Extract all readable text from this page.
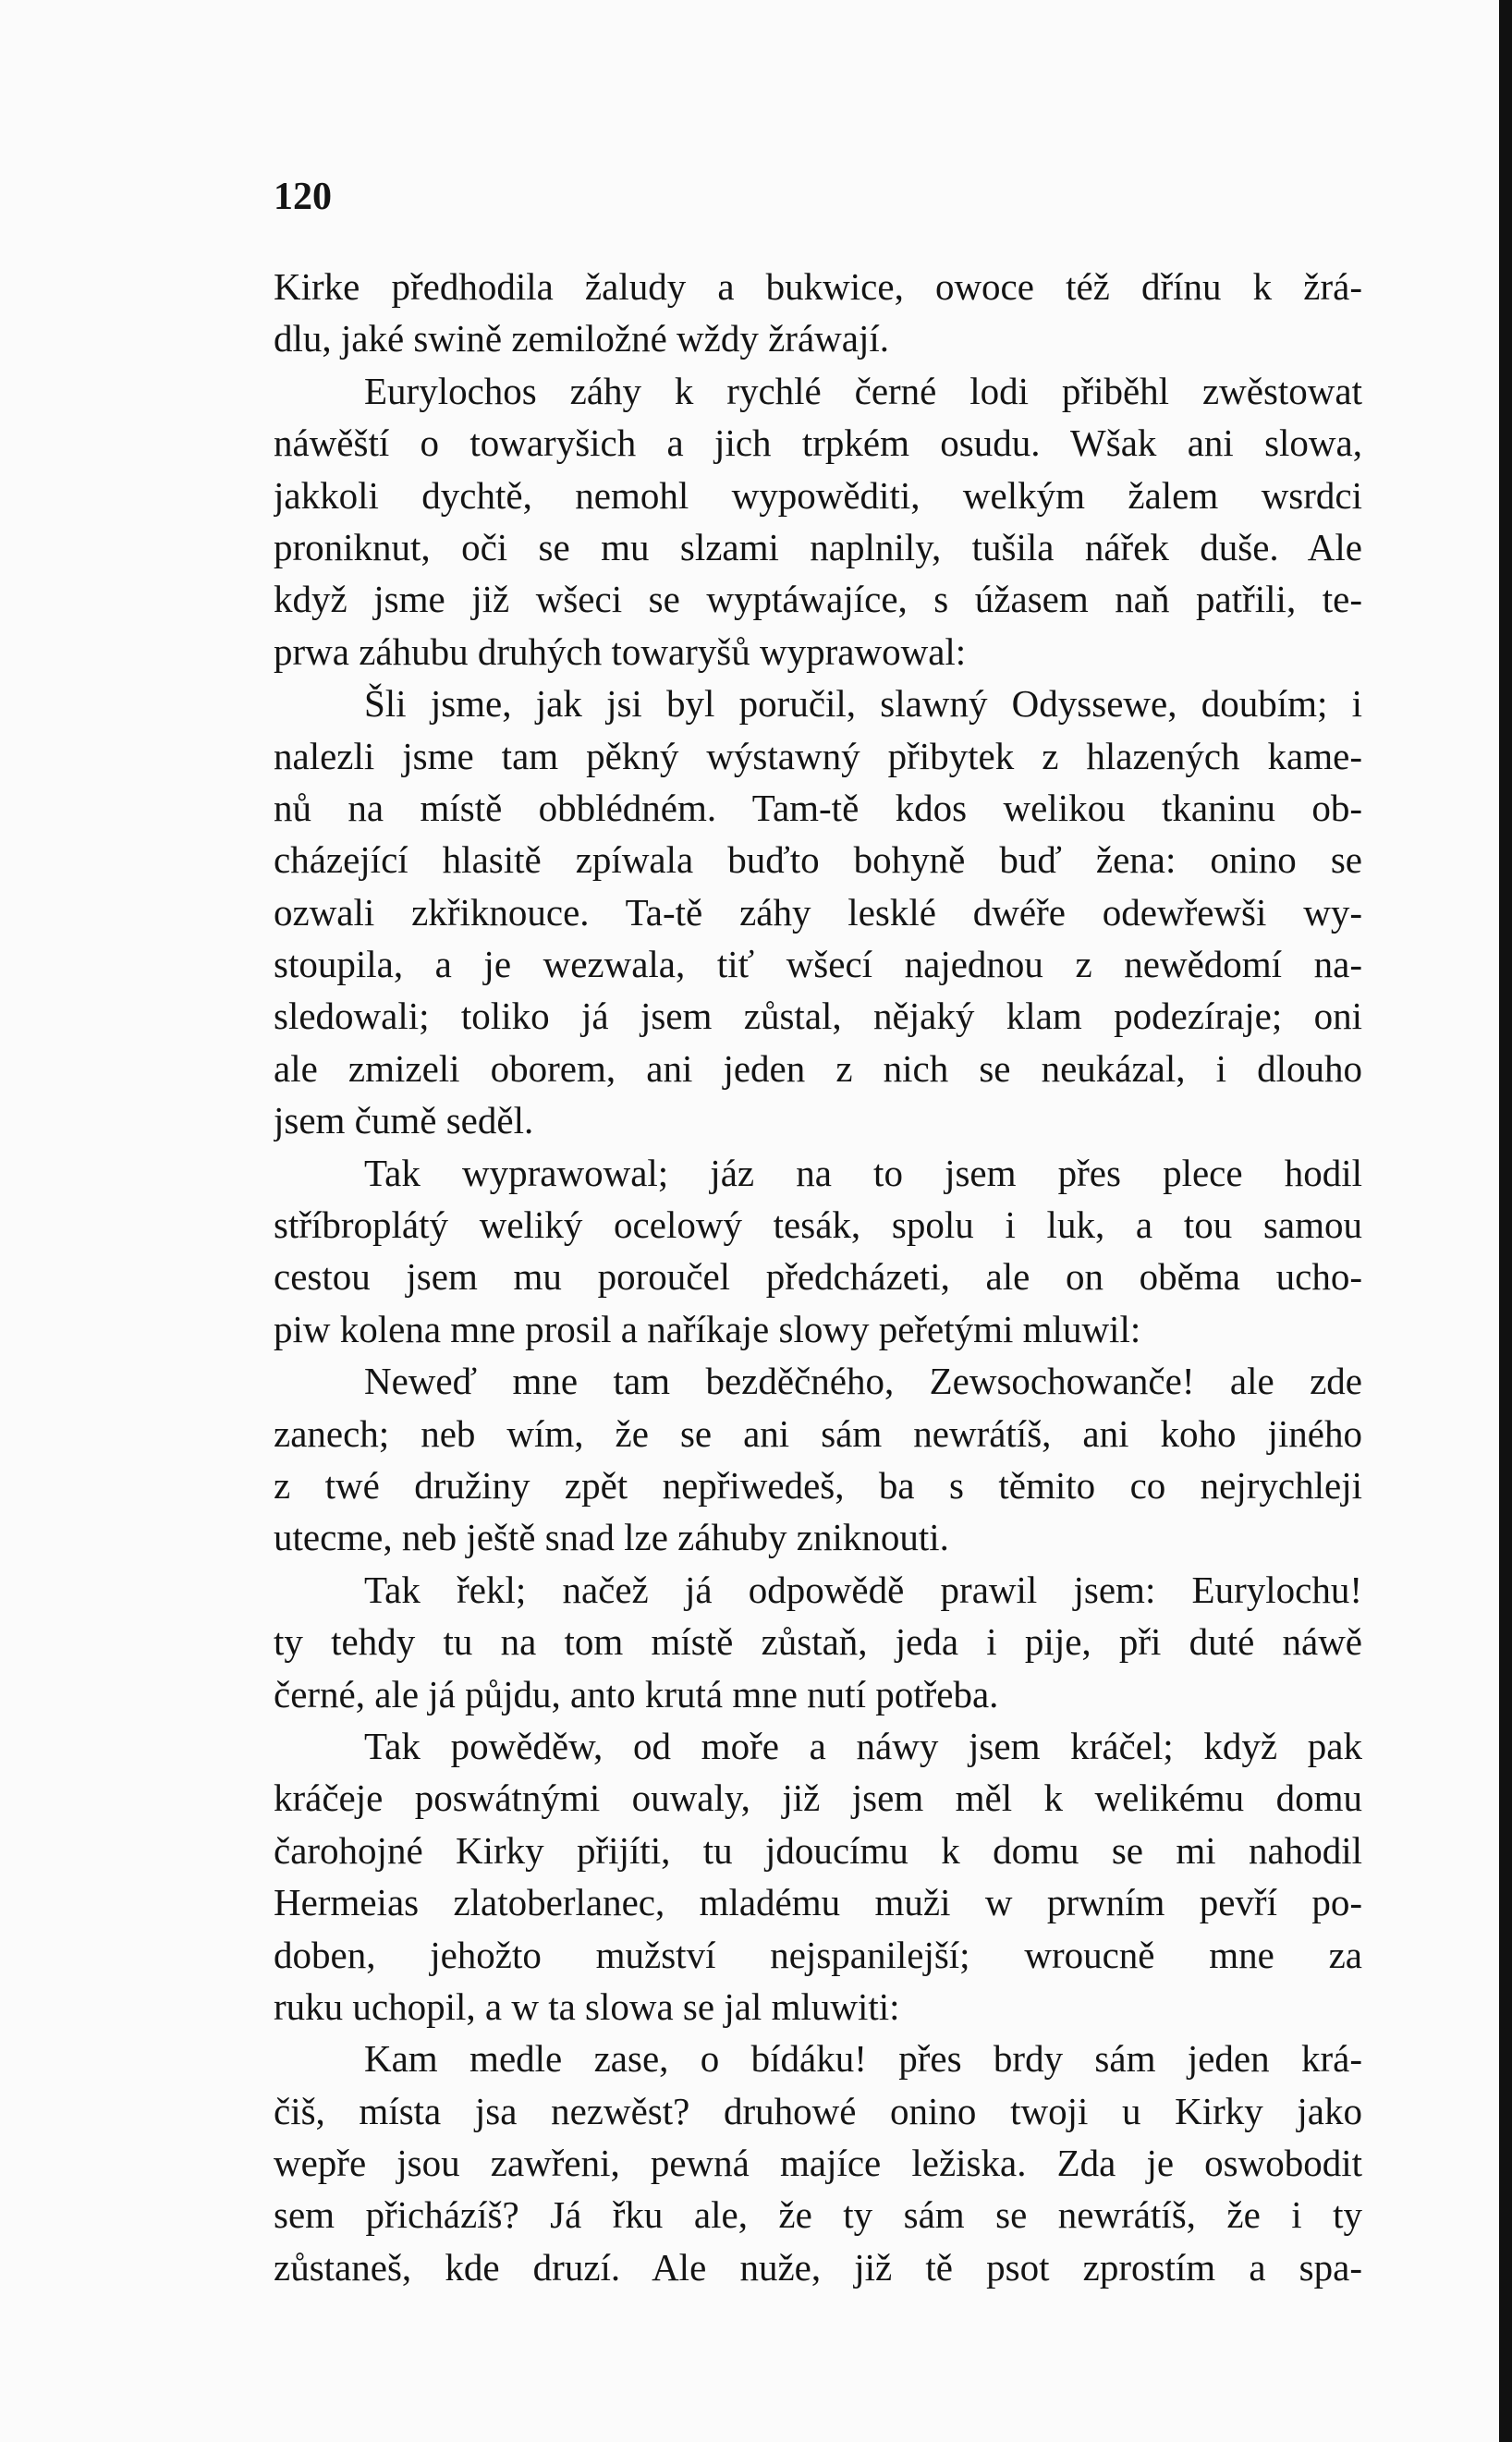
120
Kirke předhodila žaludy a bukwice, owoce též dřínu k žrá-
dlu, jaké swině zemiložné wždy žráwají.
Eurylochos záhy k rychlé černé lodi přiběhl zwěstowat
náwěští o towaryšich a jich trpkém osudu. Wšak ani slowa,
jakkoli dychtě, nemohl wypowěditi, welkým žalem wsrdci
proniknut, oči se mu slzami naplnily, tušila nářek duše. Ale
když jsme již wšeci se wyptáwajíce, s úžasem naň patřili, te-
prwa záhubu druhých towaryšů wyprawowal:
Šli jsme, jak jsi byl poručil, slawný Odyssewe, doubím; i
nalezli jsme tam pěkný wýstawný přibytek z hlazených kame-
nů na místě obblédném. Tam-tě kdos welikou tkaninu ob-
cházející hlasitě zpíwala buďto bohyně buď žena: onino se
ozwali zkřiknouce. Ta-tě záhy lesklé dwéře odewřewši wy-
stoupila, a je wezwala, tiť wšecí najednou z newědomí na-
sledowali; toliko já jsem zůstal, nějaký klam podezíraje; oni
ale zmizeli oborem, ani jeden z nich se neukázal, i dlouho
jsem čumě seděl.
Tak wyprawowal; jáz na to jsem přes plece hodil
stříbroplátý weliký ocelowý tesák, spolu i luk, a tou samou
cestou jsem mu poroučel předcházeti, ale on oběma ucho-
piw kolena mne prosil a naříkaje slowy peřetými mluwil:
Neweď mne tam bezděčného, Zewsochowanče! ale zde
zanech; neb wím, že se ani sám newrátíš, ani koho jiného
z twé družiny zpět nepřiwedeš, ba s těmito co nejrychleji
utecme, neb ještě snad lze záhuby zniknouti.
Tak řekl; načež já odpowědě prawil jsem: Eurylochu!
ty tehdy tu na tom místě zůstaň, jeda i pije, při duté náwě
černé, ale já půjdu, anto krutá mne nutí potřeba.
Tak powěděw, od moře a náwy jsem kráčel; když pak
kráčeje poswátnými ouwaly, již jsem měl k welikému domu
čarohojné Kirky přijíti, tu jdoucímu k domu se mi nahodil
Hermeias zlatoberlanec, mladému muži w prwním pevří po-
doben, jehožto mužství nejspanilejší; wroucně mne za
ruku uchopil, a w ta slowa se jal mluwiti:
Kam medle zase, o bídáku! přes brdy sám jeden krá-
čiš, místa jsa nezwěst? druhowé onino twoji u Kirky jako
wepře jsou zawřeni, pewná majíce ležiska. Zda je oswobodit
sem přicházíš? Já řku ale, že ty sám se newrátíš, že i ty
zůstaneš, kde druzí. Ale nuže, již tě psot zprostím a spa-
